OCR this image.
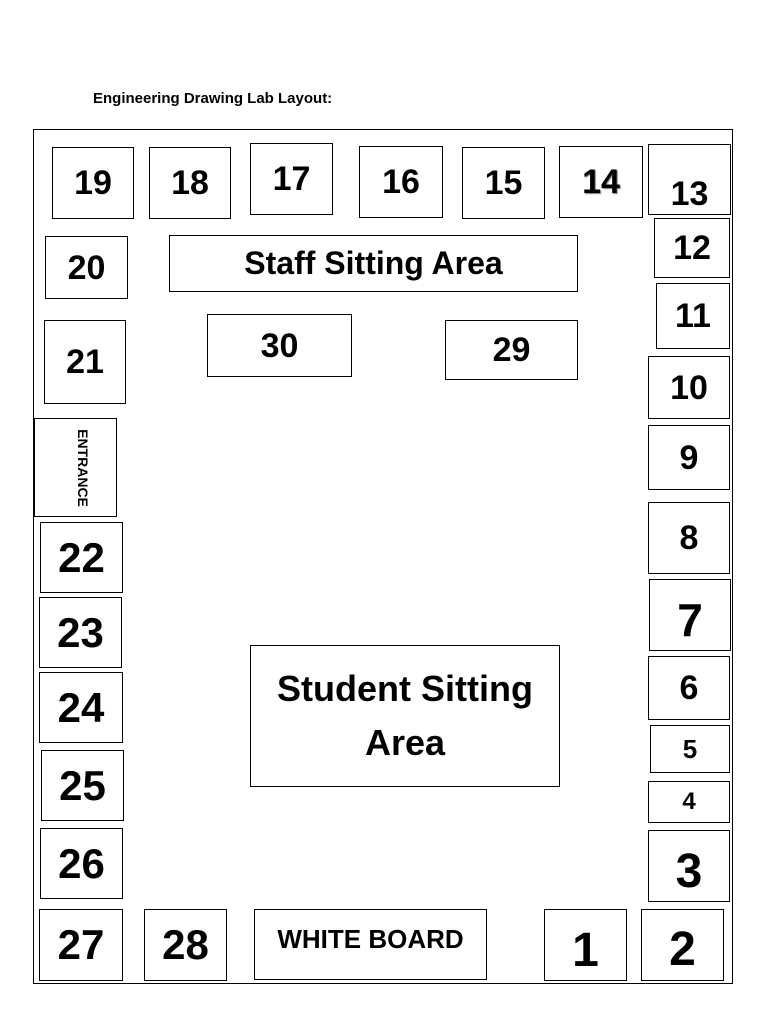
Engineering Drawing Lab Layout:
19	18	17	16	15	14	13
12
11
10
9
8
7
6
5
4
3
2
1
WHITE BOARD
28
27
26
25
24
23
22
ENTRANCE
21
20	Staff Sitting Area
30	29
Student Sitting Area
